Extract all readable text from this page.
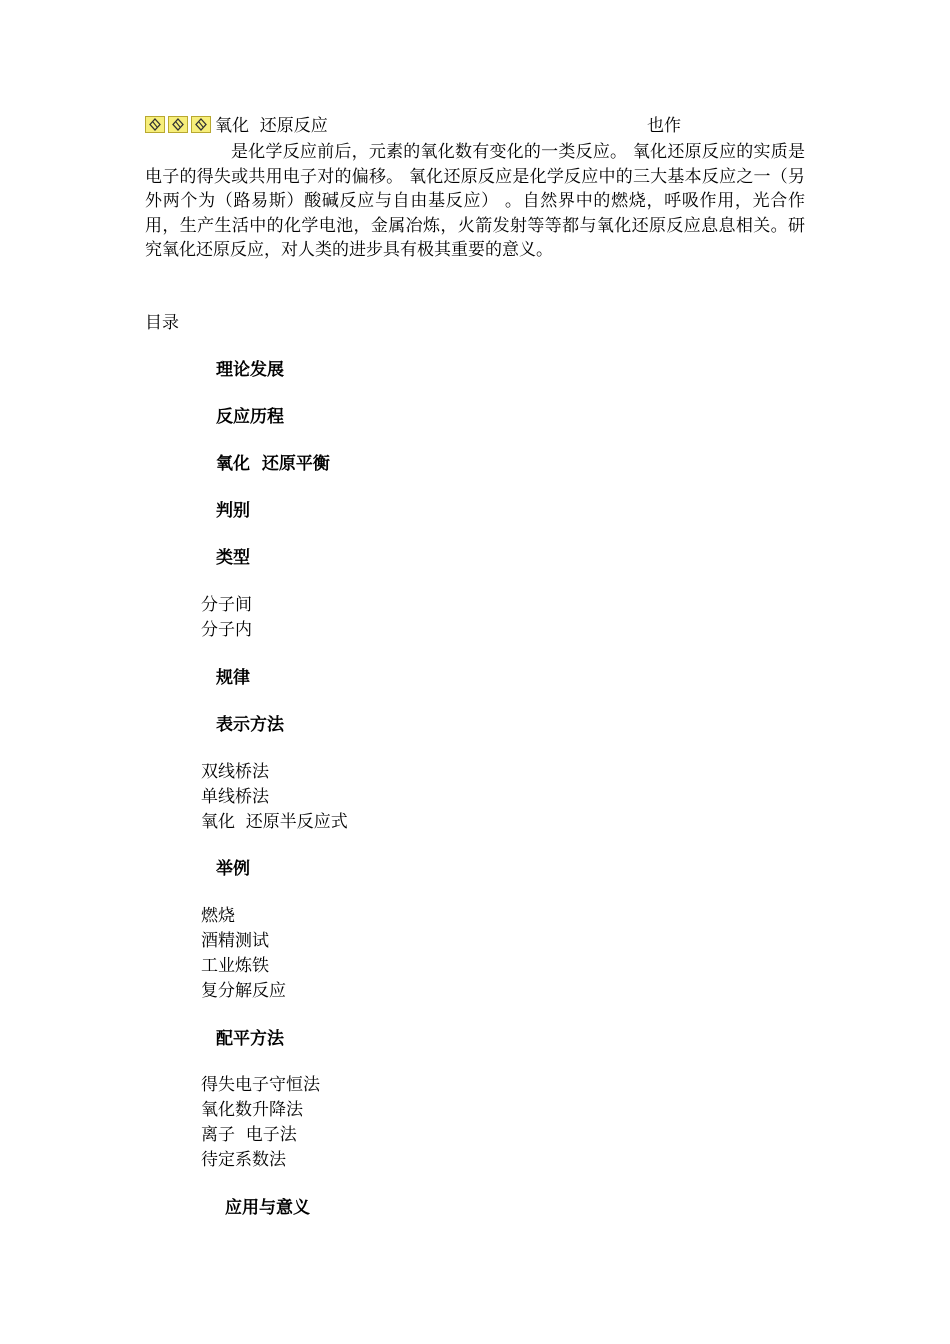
氧化  还原反应	也作
是化学反应前后，元素的氧化数有变化的一类反应。 氧化还原反应的实质是电子的得失或共用电子对的偏移。 氧化还原反应是化学反应中的三大基本反应之一（另外两个为（路易斯）酸碱反应与自由基反应） 。自然界中的燃烧，呼吸作用，光合作用，生产生活中的化学电池，金属冶炼，火箭发射等等都与氧化还原反应息息相关。研究氧化还原反应，对人类的进步具有极其重要的意义。
目录
理论发展
反应历程
氧化  还原平衡
判别
类型
分子间
分子内
规律
表示方法
双线桥法
单线桥法
氧化  还原半反应式
举例
燃烧
酒精测试
工业炼铁
复分解反应
配平方法
得失电子守恒法
氧化数升降法
离子  电子法
待定系数法
应用与意义
